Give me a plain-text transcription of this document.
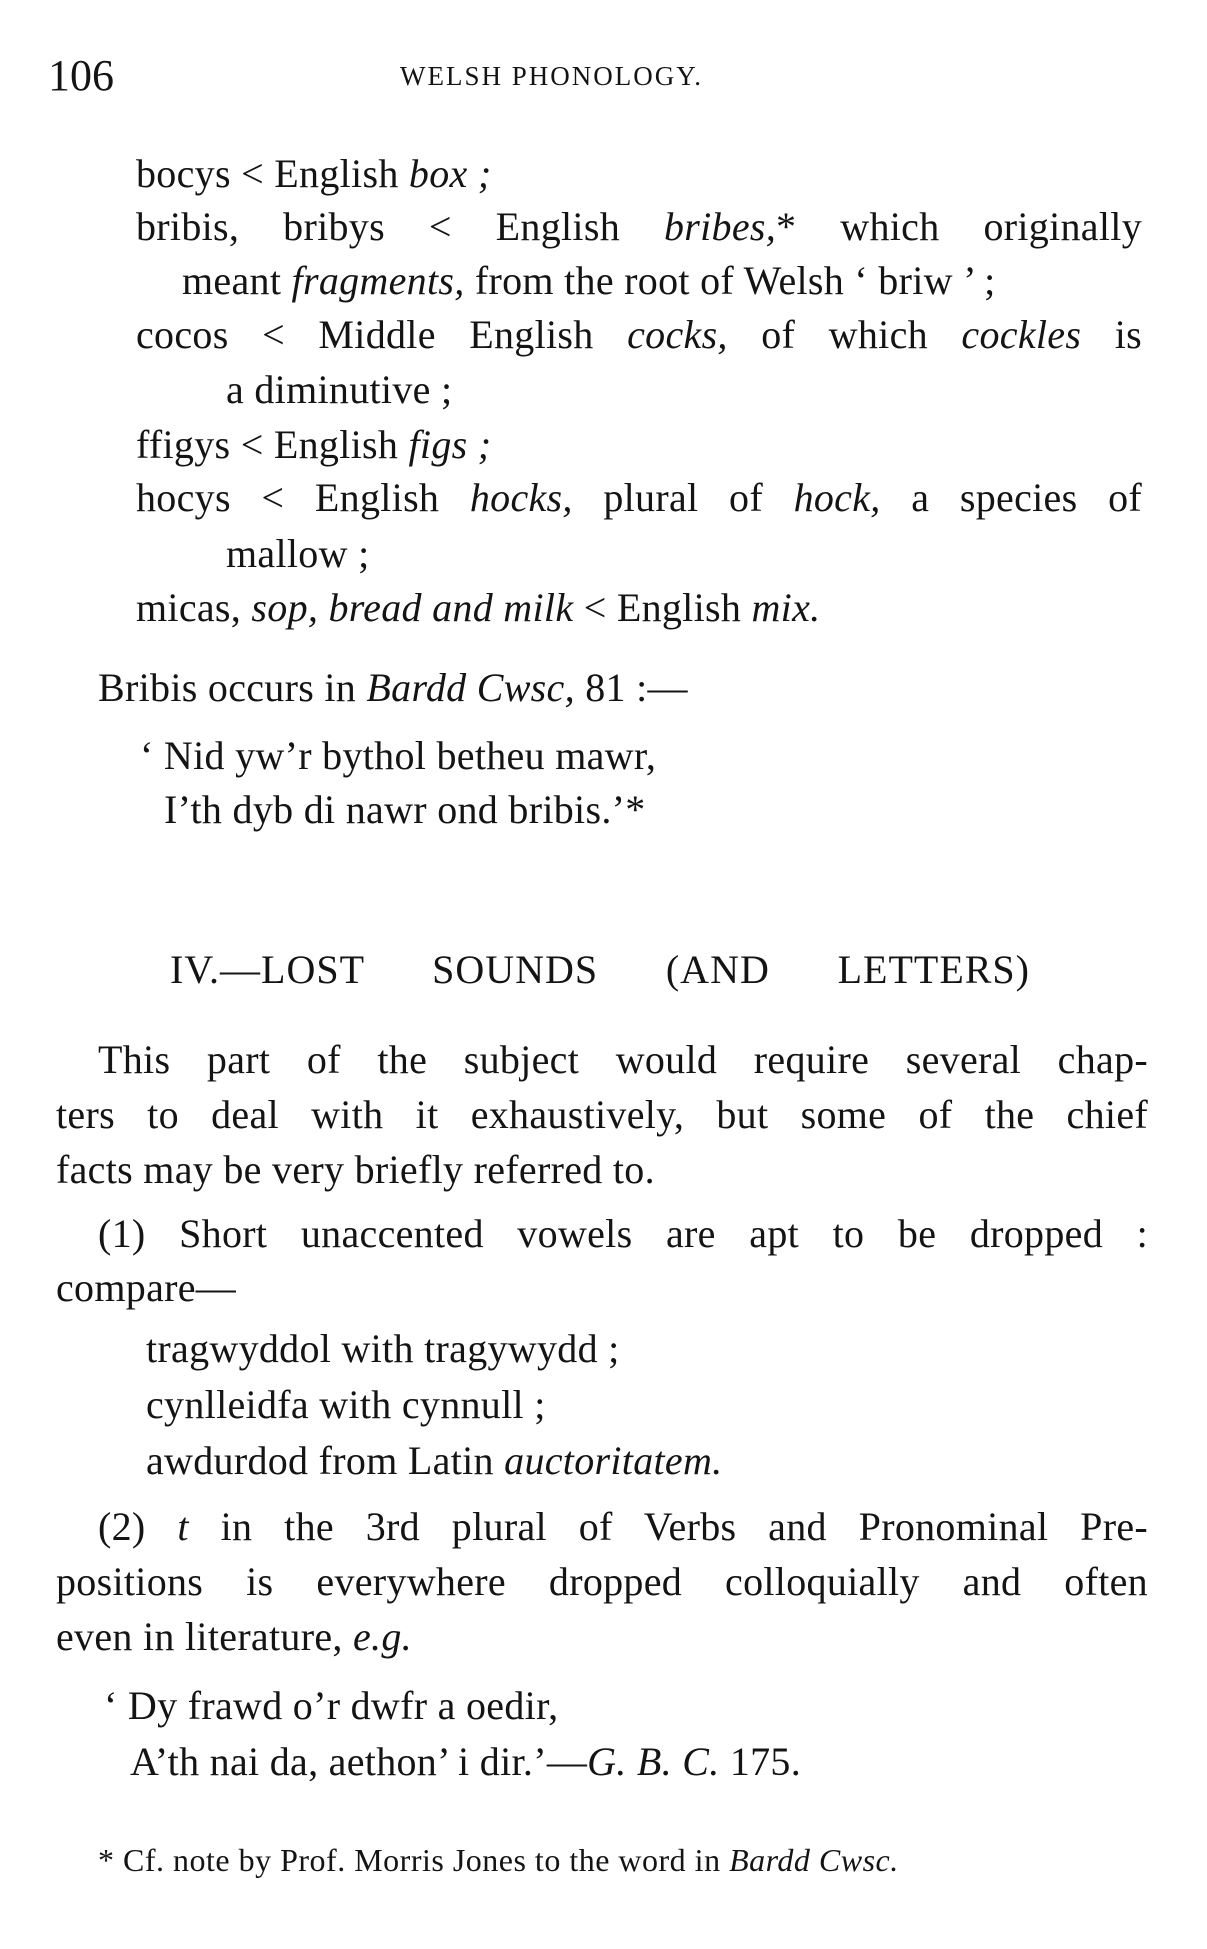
106	WELSH PHONOLOGY.
bocys < English box ;
bribis, bribys < English bribes,* which originally
meant fragments, from the root of Welsh ‘ briw ’ ;
cocos < Middle English cocks, of which cockles is
a diminutive ;
ffigys < English figs ;
hocys < English hocks, plural of hock, a species of
mallow ;
micas, sop, bread and milk < English mix.
Bribis occurs in Bardd Cwsc, 81 :—
‘ Nid yw’r bythol betheu mawr,
I’th dyb di nawr ond bribis.’*
IV.—LOST SOUNDS (AND LETTERS)
This part of the subject would require several chap-
ters to deal with it exhaustively, but some of the chief
facts may be very briefly referred to.
(1) Short unaccented vowels are apt to be dropped :
compare—
tragwyddol with tragywydd ;
cynlleidfa with cynnull ;
awdurdod from Latin auctoritatem.
(2) t in the 3rd plural of Verbs and Pronominal Pre-
positions is everywhere dropped colloquially and often
even in literature, e.g.
‘ Dy frawd o’r dwfr a oedir,
A’th nai da, aethon’ i dir.’—G. B. C. 175.
* Cf. note by Prof. Morris Jones to the word in Bardd Cwsc.
